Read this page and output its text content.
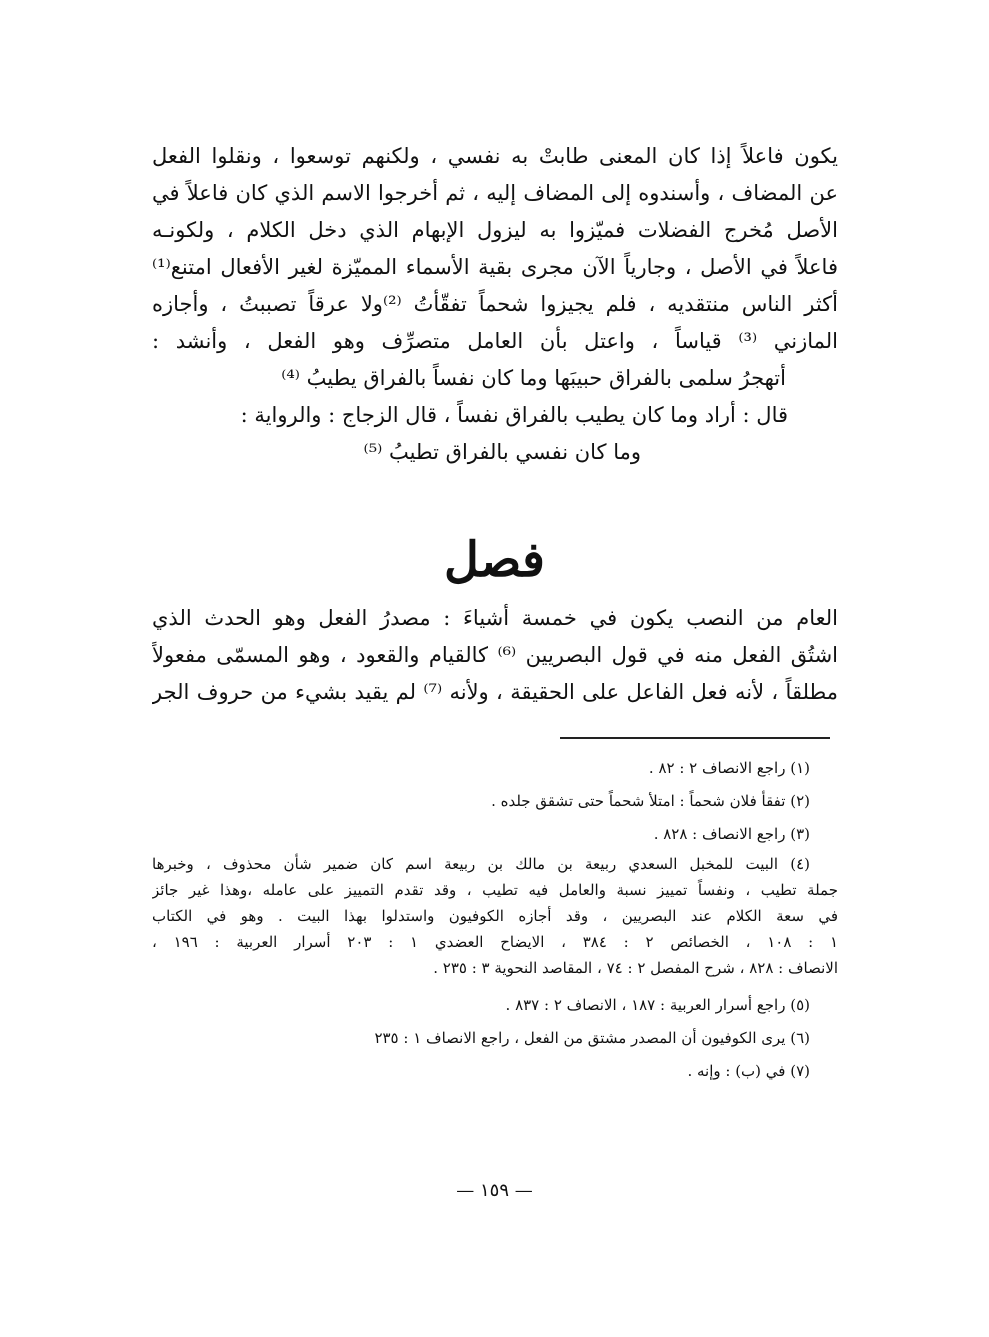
يكون فاعلاً إذا كان المعنى طابتْ به نفسي ، ولكنهم توسعوا ، ونقلوا الفعل
عن المضاف ، وأسندوه إلى المضاف إليه ، ثم أخرجوا الاسم الذي كان فاعلاً في
الأصل مُخرج الفضلات فميّزوا به ليزول الإبهام الذي دخل الكلام ، ولكونـه
فاعلاً في الأصل ، وجارياً الآن مجرى بقية الأسماء المميّزة لغير الأفعال امتنع⁽¹⁾
أكثر الناس منتقديه ، فلم يجيزوا شحماً تفقّأتُ ⁽²⁾ولا عرقاً تصببتُ ، وأجازه
المازني ⁽³⁾ قياساً ، واعتل بأن العامل متصرِّف وهو الفعل ، وأنشد :
أتهجرُ سلمى بالفراق حبيبَها وما كان نفساً بالفراق يطيبُ ⁽⁴⁾
قال : أراد وما كان يطيب بالفراق نفساً ، قال الزجاج : والرواية :
وما كان نفسي بالفراق تطيبُ ⁽⁵⁾
فصل
العام من النصب يكون في خمسة أشياءَ : مصدرُ الفعل وهو الحدث الذي
اشتُق الفعل منه في قول البصريين ⁽⁶⁾ كالقيام والقعود ، وهو المسمّى مفعولاً
مطلقاً ، لأنه فعل الفاعل على الحقيقة ، ولأنه ⁽⁷⁾ لم يقيد بشيء من حروف الجر
(١) راجع الانصاف ٢ : ٨٢ .
(٢) تفقأ فلان شحماً : امتلأ شحماً حتى تشقق جلده .
(٣) راجع الانصاف : ٨٢٨ .
(٤) البيت للمخبل السعدي ربيعة بن مالك بن ربيعة اسم كان ضمير شأن محذوف ، وخبرها
جملة تطيب ، ونفساً تمييز نسبة والعامل فيه تطيب ، وقد تقدم التمييز على عامله ،وهذا غير جائز
في سعة الكلام عند البصريين ، وقد أجازه الكوفيون واستدلوا بهذا البيت . وهو في الكتاب
١ : ١٠٨ ، الخصائص ٢ : ٣٨٤ ، الايضاح العضدي ١ : ٢٠٣ أسرار العربية : ١٩٦ ،
الانصاف : ٨٢٨ ، شرح المفصل ٢ : ٧٤ ، المقاصد النحوية ٣ : ٢٣٥ .
(٥) راجع أسرار العربية : ١٨٧ ، الانصاف ٢ : ٨٣٧ .
(٦) يرى الكوفيون أن المصدر مشتق من الفعل ، راجع الانصاف ١ : ٢٣٥
(٧) في (ب) : وإنه .
— ١٥٩ —
